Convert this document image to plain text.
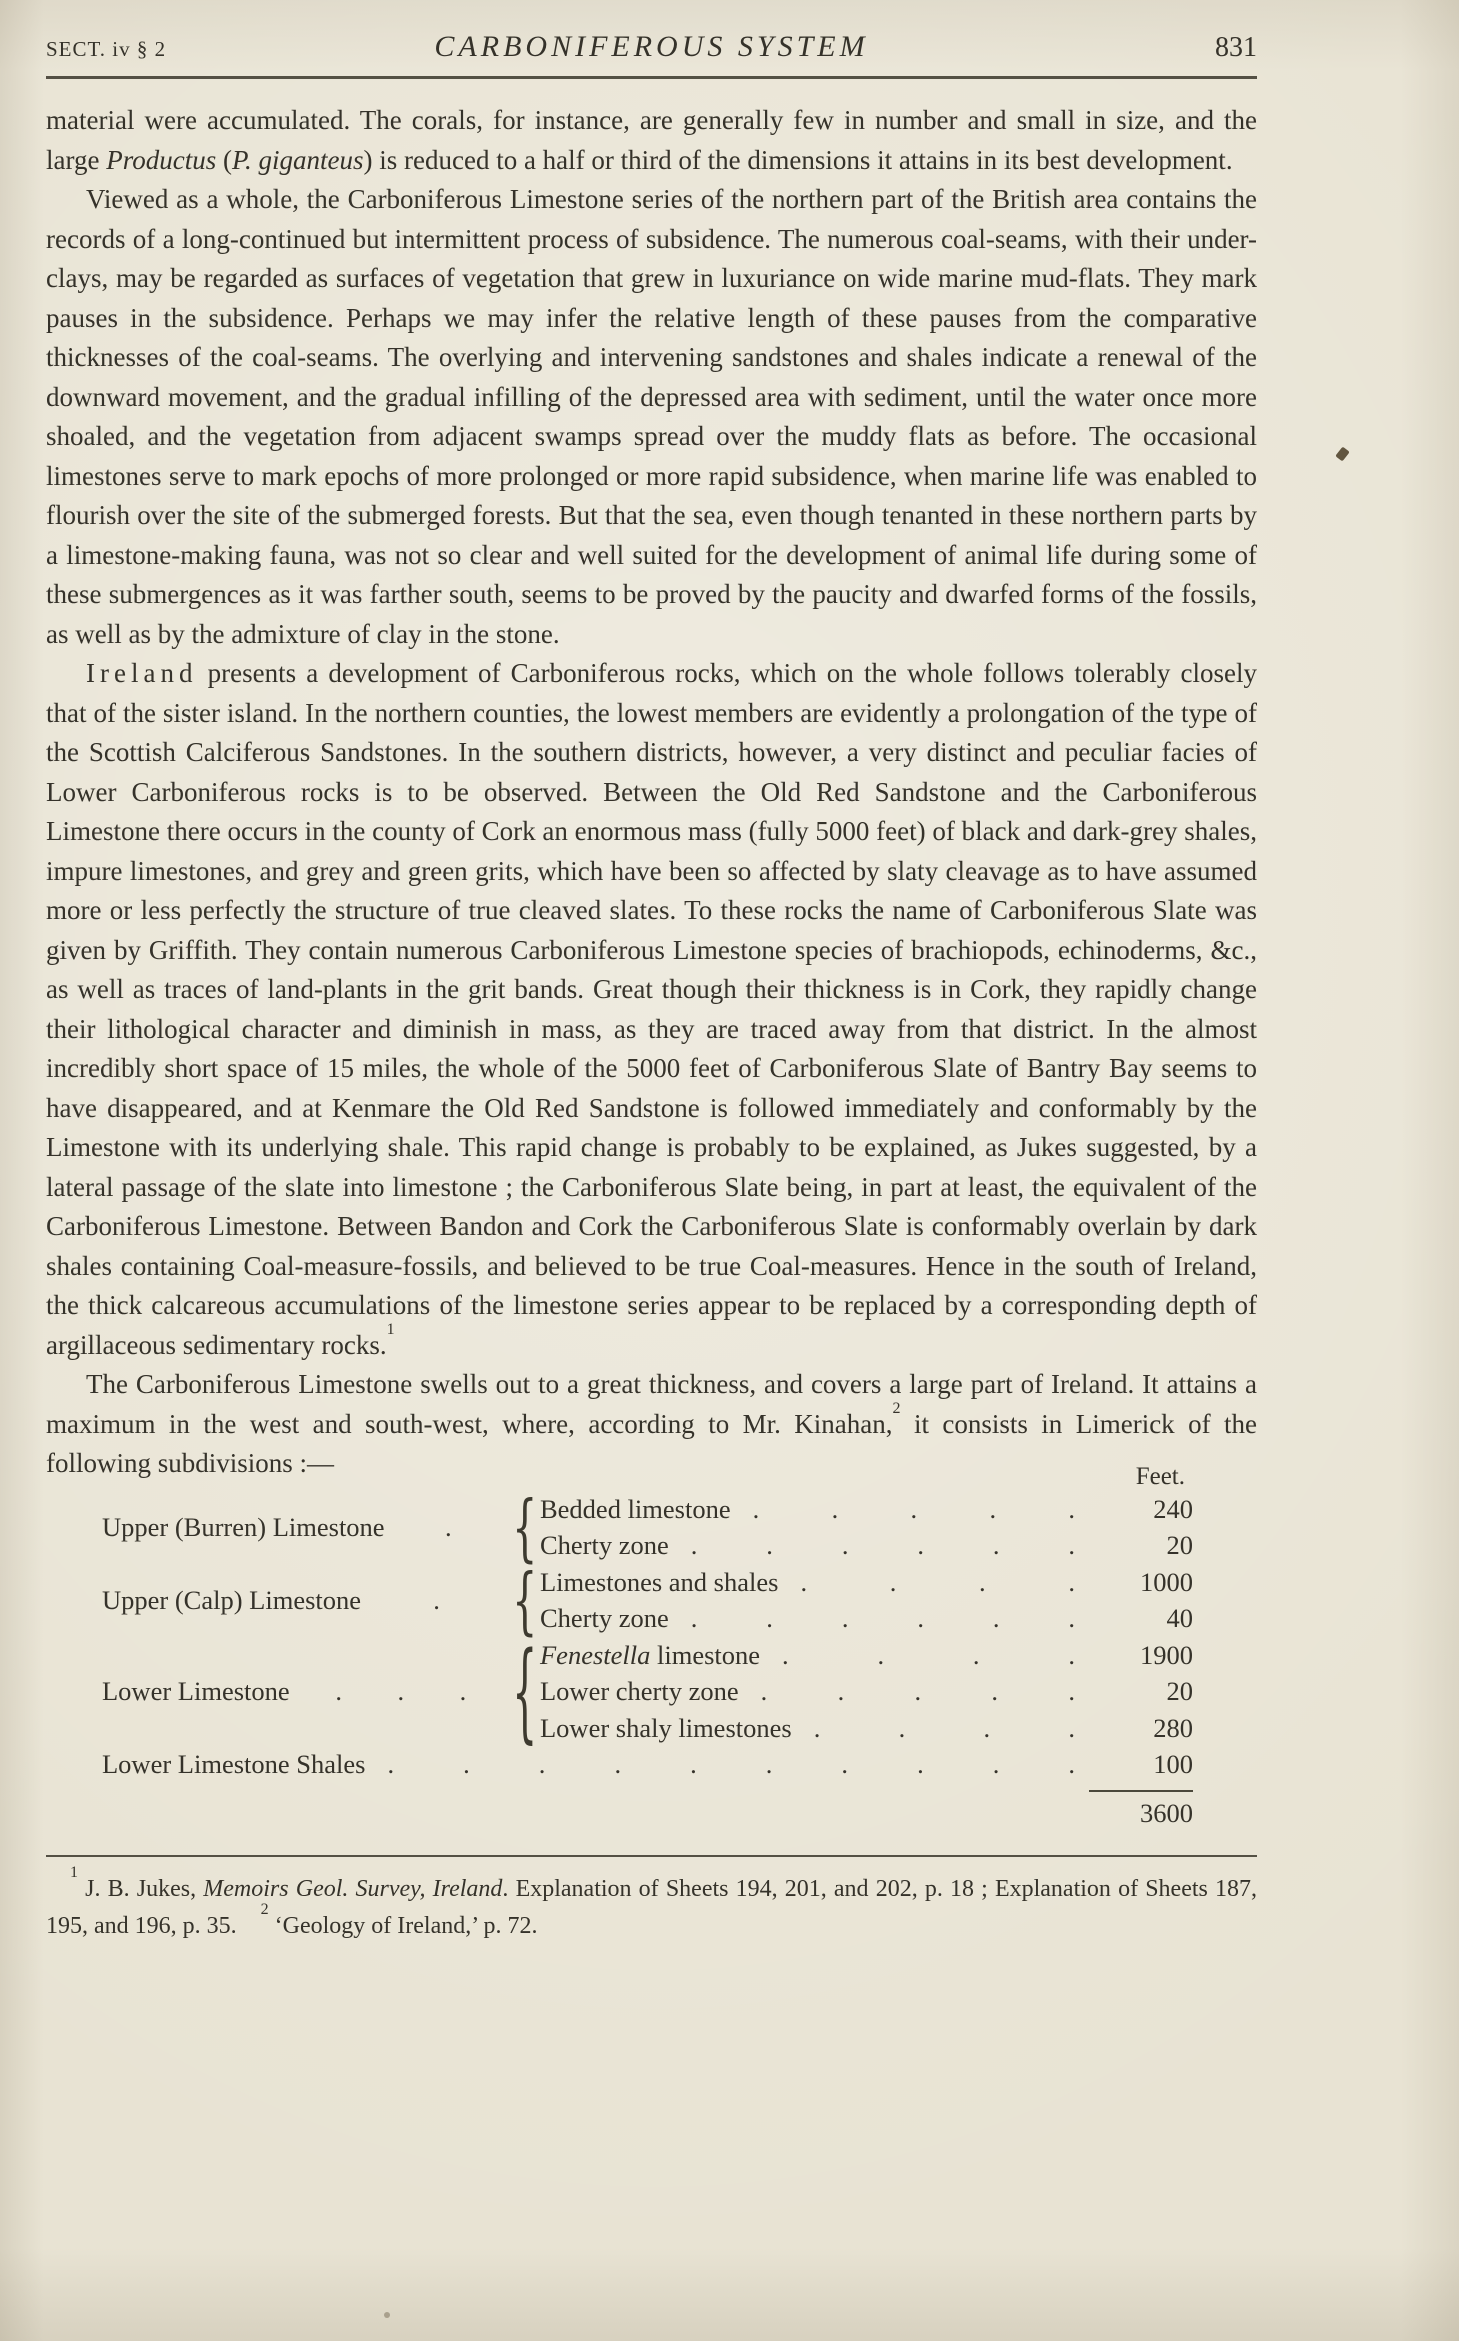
SECT. iv § 2	CARBONIFEROUS SYSTEM	831

material were accumulated. The corals, for instance, are generally few in number and small in size, and the large Productus (P. giganteus) is reduced to a half or third of the dimensions it attains in its best development.

Viewed as a whole, the Carboniferous Limestone series of the northern part of the British area contains the records of a long-continued but intermittent process of subsidence. The numerous coal-seams, with their under-clays, may be regarded as surfaces of vegetation that grew in luxuriance on wide marine mud-flats. They mark pauses in the subsidence. Perhaps we may infer the relative length of these pauses from the comparative thicknesses of the coal-seams. The overlying and intervening sandstones and shales indicate a renewal of the downward movement, and the gradual infilling of the depressed area with sediment, until the water once more shoaled, and the vegetation from adjacent swamps spread over the muddy flats as before. The occasional limestones serve to mark epochs of more prolonged or more rapid subsidence, when marine life was enabled to flourish over the site of the submerged forests. But that the sea, even though tenanted in these northern parts by a limestone-making fauna, was not so clear and well suited for the development of animal life during some of these submergences as it was farther south, seems to be proved by the paucity and dwarfed forms of the fossils, as well as by the admixture of clay in the stone.

Ireland presents a development of Carboniferous rocks, which on the whole follows tolerably closely that of the sister island. In the northern counties, the lowest members are evidently a prolongation of the type of the Scottish Calciferous Sandstones. In the southern districts, however, a very distinct and peculiar facies of Lower Carboniferous rocks is to be observed. Between the Old Red Sandstone and the Carboniferous Limestone there occurs in the county of Cork an enormous mass (fully 5000 feet) of black and dark-grey shales, impure limestones, and grey and green grits, which have been so affected by slaty cleavage as to have assumed more or less perfectly the structure of true cleaved slates. To these rocks the name of Carboniferous Slate was given by Griffith. They contain numerous Carboniferous Limestone species of brachiopods, echinoderms, &c., as well as traces of land-plants in the grit bands. Great though their thickness is in Cork, they rapidly change their lithological character and diminish in mass, as they are traced away from that district. In the almost incredibly short space of 15 miles, the whole of the 5000 feet of Carboniferous Slate of Bantry Bay seems to have disappeared, and at Kenmare the Old Red Sandstone is followed immediately and conformably by the Limestone with its underlying shale. This rapid change is probably to be explained, as Jukes suggested, by a lateral passage of the slate into limestone ; the Carboniferous Slate being, in part at least, the equivalent of the Carboniferous Limestone. Between Bandon and Cork the Carboniferous Slate is conformably overlain by dark shales containing Coal-measure-fossils, and believed to be true Coal-measures. Hence in the south of Ireland, the thick calcareous accumulations of the limestone series appear to be replaced by a corresponding depth of argillaceous sedimentary rocks.$^1$

The Carboniferous Limestone swells out to a great thickness, and covers a large part of Ireland. It attains a maximum in the west and south-west, where, according to Mr. Kinahan,$^2$ it consists in Limerick of the following subdivisions :—	Feet.
Upper (Burren) Limestone . { Bedded limestone .	.	.	.	.	240
Cherty zone .	.	.	.	.	.	20
Upper (Calp) Limestone	. { Limestones and shales .	.	.	.	1000
Cherty zone .	.	.	.	.	.	40
Lower Limestone . . . { Fenestella limestone .	.	.	.	1900
Lower cherty zone .	.	.	.	.	20
Lower shaly limestones .	.	.	.	280
Lower Limestone Shales .	.	.	.	.	.	.	.	.	.	100
3600

$^1$ J. B. Jukes, Memoirs Geol. Survey, Ireland. Explanation of Sheets 194, 201, and 202, p. 18 ; Explanation of Sheets 187, 195, and 196, p. 35. $^2$ ‘Geology of Ireland,’ p. 72.
